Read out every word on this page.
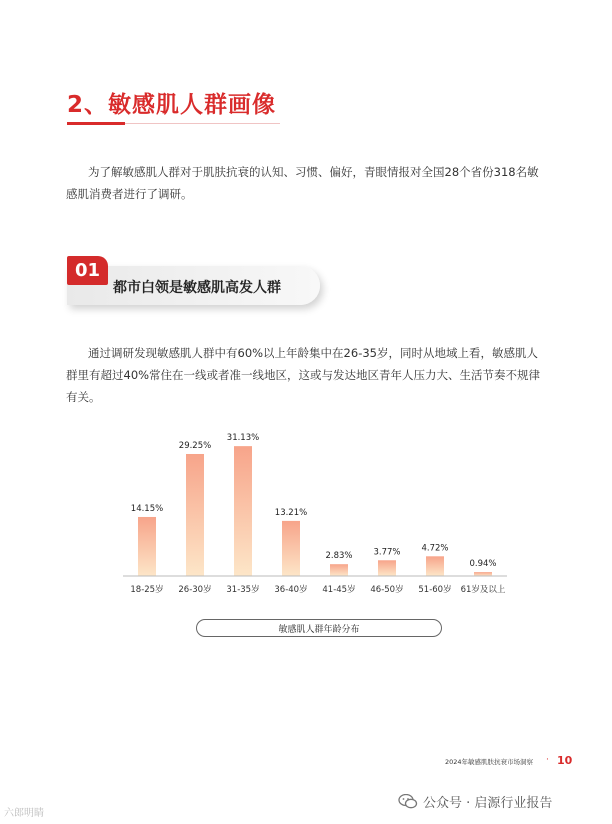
2、敏感肌人群画像

为了解敏感肌人群对于肌肤抗衰的认知、习惯、偏好，青眼情报对全国28个省份318名敏感肌消费者进行了调研。

01
都市白领是敏感肌高发人群

通过调研发现敏感肌人群中有60%以上年龄集中在26-35岁，同时从地域上看，敏感肌人群里有超过40%常住在一线或者准一线地区，这或与发达地区青年人压力大、生活节奏不规律有关。

14.15%
18-25岁
29.25%
26-30岁
31.13%
31-35岁
13.21%
36-40岁
2.83%
41-45岁
3.77%
46-50岁
4.72%
51-60岁
0.94%
61岁及以上
敏感肌人群年龄分布
·
2024年敏感肌肤抗衰市场洞察 10
公众号 · 启源行业报告
六郎明睛
